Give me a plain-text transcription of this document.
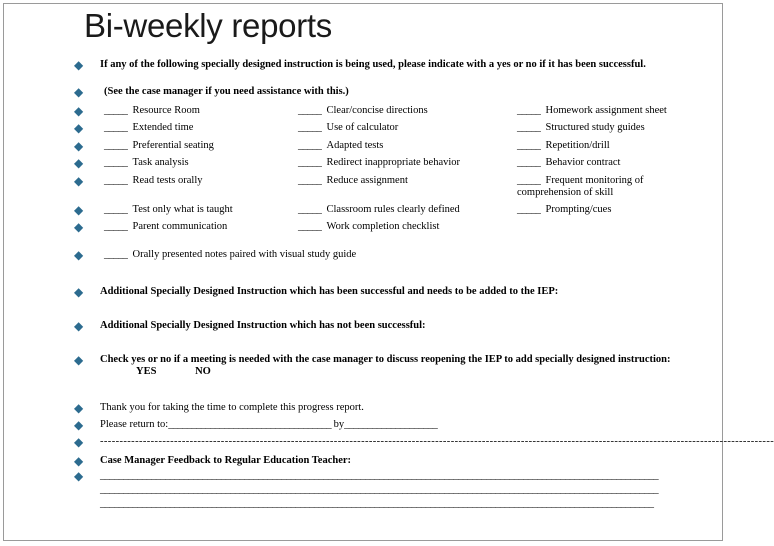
Bi-weekly reports
◆
If any of the following specially designed instruction is being used, please indicate with a yes or no if it has been successful.
◆
(See the case manager if you need assistance with this.)
◆
_____ Resource Room	_____ Clear/concise directions	_____ Homework assignment sheet
◆
_____ Extended time	_____ Use of calculator	_____ Structured study guides
◆
_____ Preferential seating	_____ Adapted tests	_____ Repetition/drill
◆
_____ Task analysis	_____ Redirect inappropriate behavior	_____ Behavior contract
◆
_____ Read tests orally	_____ Reduce assignment	_____ Frequent monitoring of comprehension of skill
◆
_____ Test only what is taught	_____ Classroom rules clearly defined	_____ Prompting/cues
◆
_____ Parent communication	_____ Work completion checklist
◆
_____ Orally presented notes paired with visual study guide
◆
Additional Specially Designed Instruction which has been successful and needs to be added to the IEP:
◆
Additional Specially Designed Instruction which has not been successful:
◆
Check yes or no if a meeting is needed with the case manager to discuss reopening the IEP to add specially designed instruction: YES	NO
◆
Thank you for taking the time to complete this progress report.
◆
Please return to:___________________________________ by____________________
◆
-----------------------------------------------------------------------------------------------------------------------------------------------------------------------------
◆
Case Manager Feedback to Regular Education Teacher:
◆
________________________________________________________________________________________________________________________
________________________________________________________________________________________________________________________
_______________________________________________________________________________________________________________________
